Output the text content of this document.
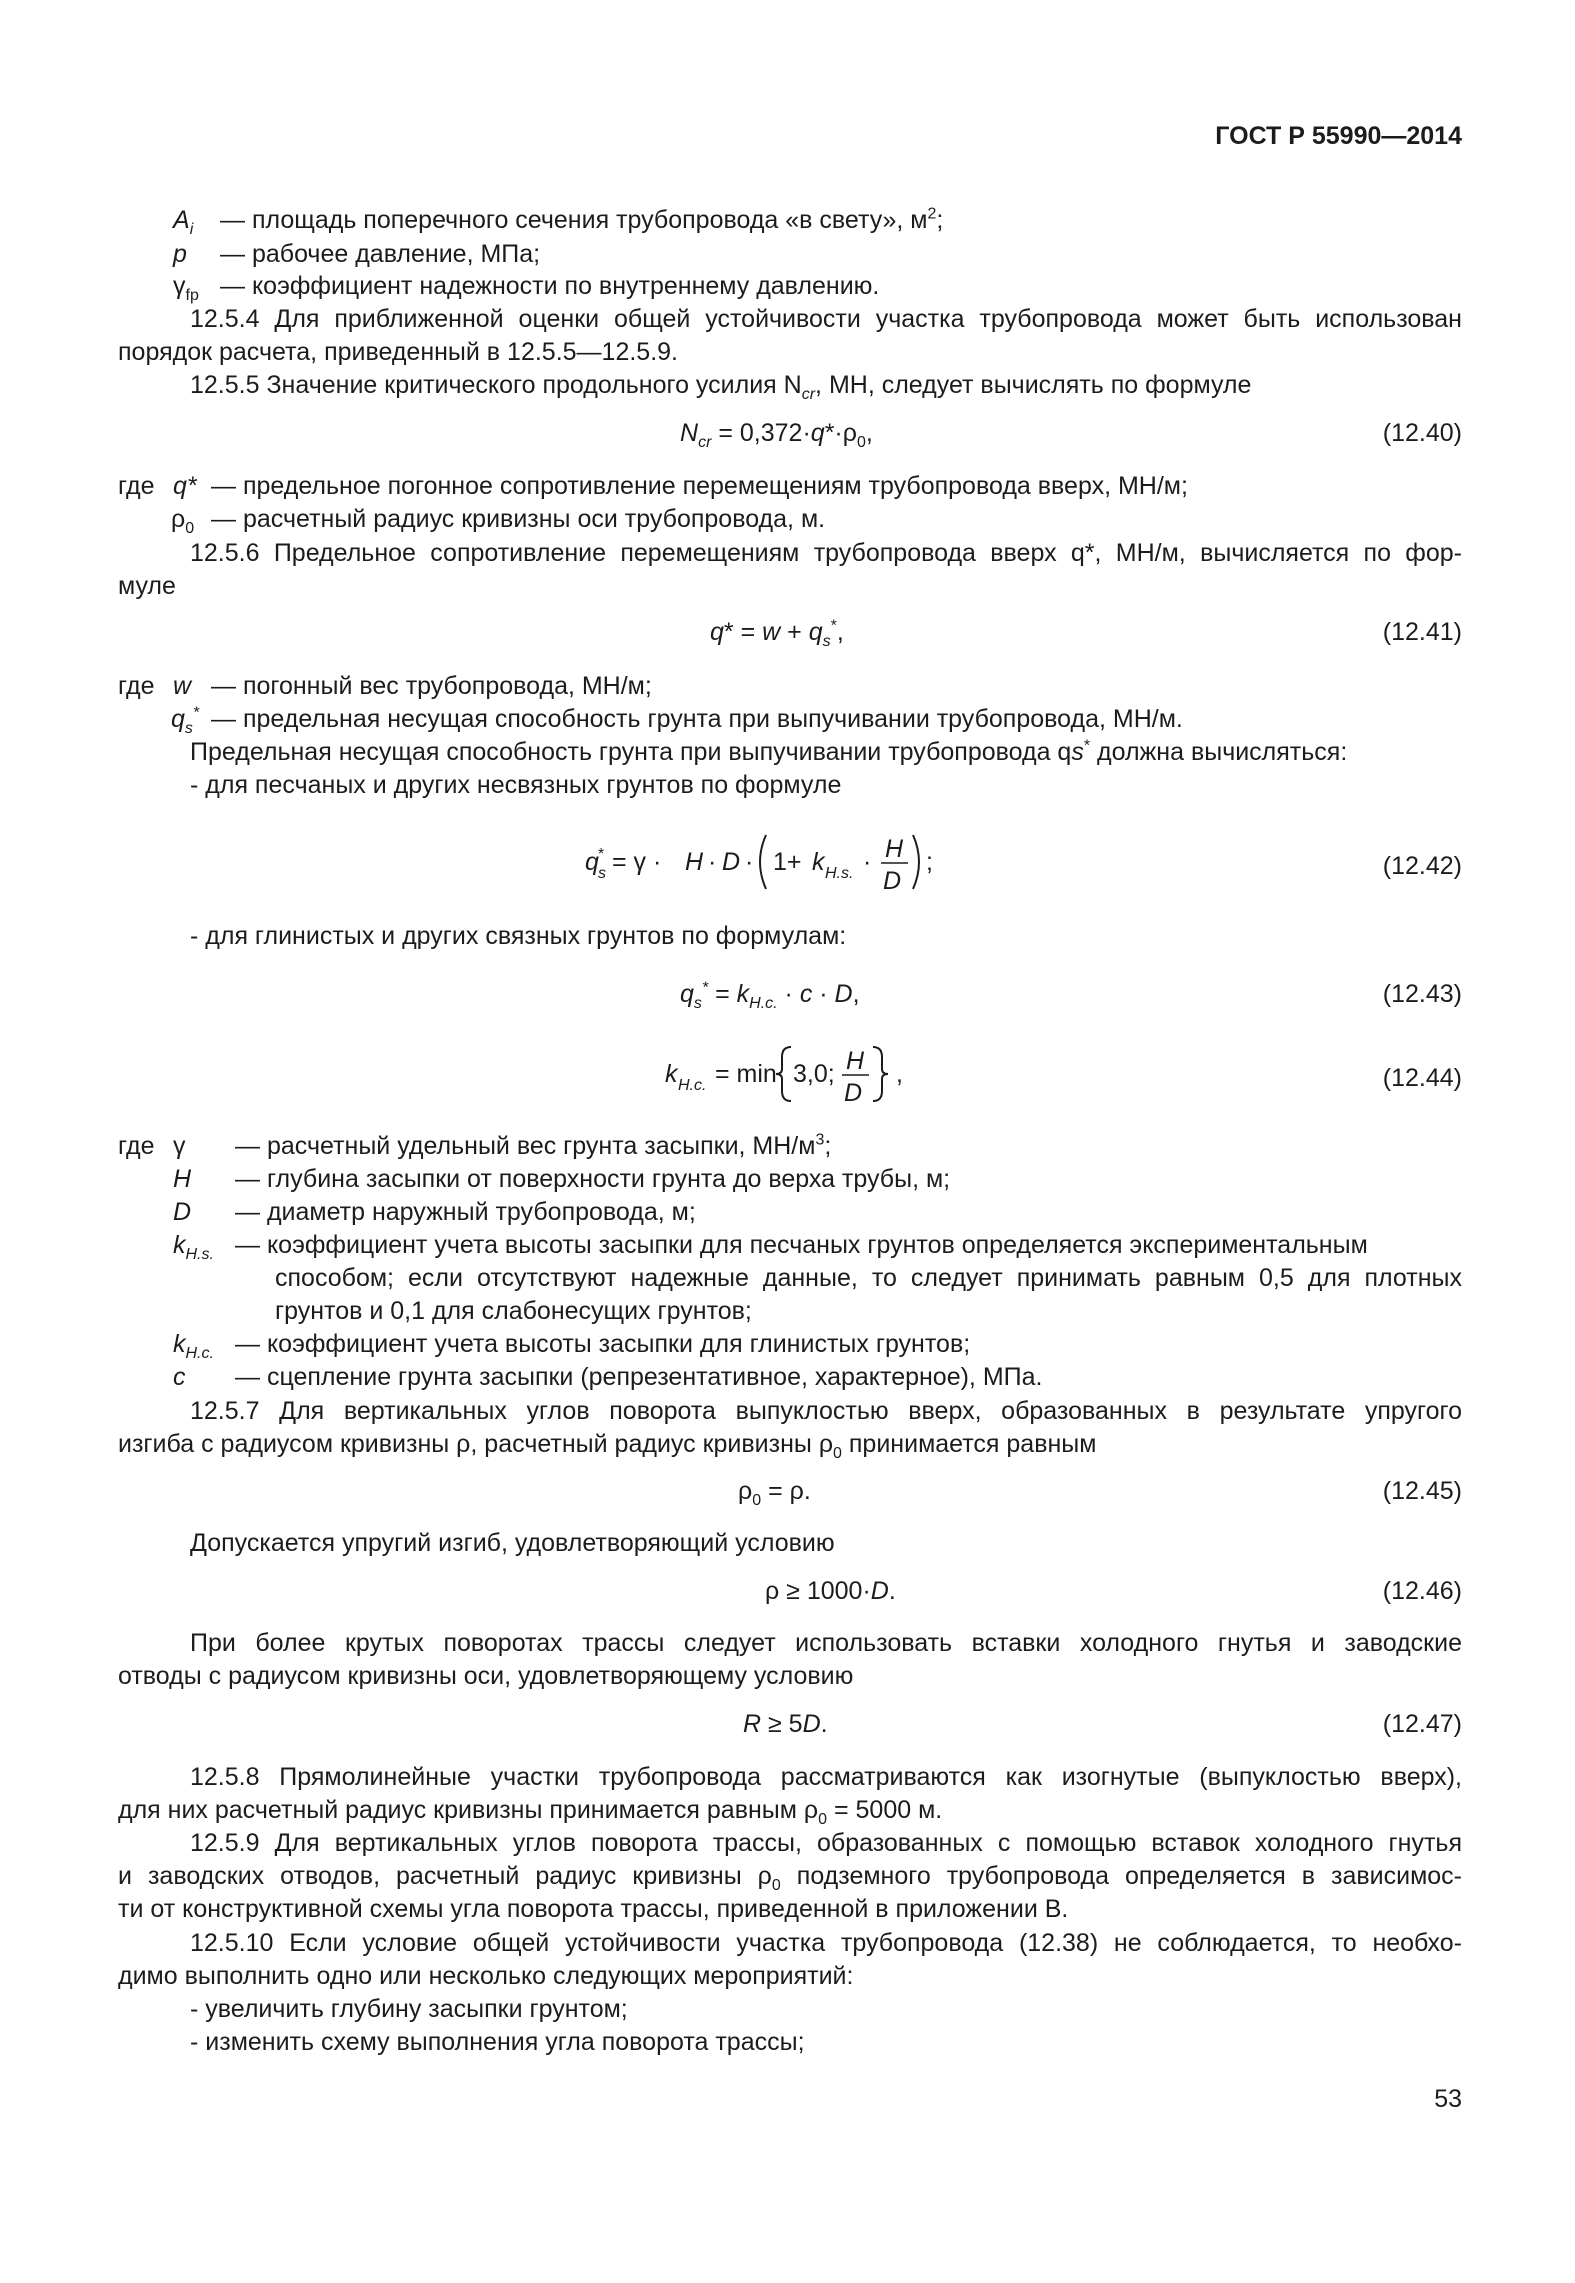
ГОСТ Р 55990—2014
$A_i$ — площадь поперечного сечения трубопровода «в свету», $м^2$;
p — рабочее давление, МПа;
$\gamma_{fp}$ — коэффициент надежности по внутреннему давлению.
12.5.4 Для приближенной оценки общей устойчивости участка трубопровода может быть использован
порядок расчета, приведенный в 12.5.5—12.5.9.
12.5.5 Значение критического продольного усилия $N_{cr}$, МН, следует вычислять по формуле
$N_{cr} = 0,372\cdot q*\cdot\rho_0$,	(12.40)
где q* — предельное погонное сопротивление перемещениям трубопровода вверх, МН/м;
$\rho_0$ — расчетный радиус кривизны оси трубопровода, м.
12.5.6 Предельное сопротивление перемещениям трубопровода вверх q*, МН/м, вычисляется по фор-
муле
$q* = w + q_s^*$,	(12.41)
где w — погонный вес трубопровода, МН/м;
$q_s^*$ — предельная несущая способность грунта при выпучивании трубопровода, МН/м.
Предельная несущая способность грунта при выпучивании трубопровода qs* должна вычисляться:
- для песчаных и других несвязных грунтов по формуле
q s
* = γ · H · D · 1+ k H.s. · H
D
;	(12.42)
- для глинистых и других связных грунтов по формулам:
$q_s^* = k_{H.c.} \cdot c \cdot D$,	(12.43)
k H.c. = min 3,0; H
D
,	(12.44)
где γ — расчетный удельный вес грунта засыпки, $МН/м^3$;
H — глубина засыпки от поверхности грунта до верха трубы, м;
D — диаметр наружный трубопровода, м;
$k_{H.s.}$ — коэффициент учета высоты засыпки для песчаных грунтов определяется экспериментальным
способом; если отсутствуют надежные данные, то следует принимать равным 0,5 для плотных
грунтов и 0,1 для слабонесущих грунтов;
$k_{H.c.}$ — коэффициент учета высоты засыпки для глинистых грунтов;
c — сцепление грунта засыпки (репрезентативное, характерное), МПа.
12.5.7 Для вертикальных углов поворота выпуклостью вверх, образованных в результате упругого
изгиба с радиусом кривизны ρ, расчетный радиус кривизны $\rho_0$ принимается равным
$\rho_0 = \rho$.	(12.45)
Допускается упругий изгиб, удовлетворяющий условию
ρ ≥ 1000·D.	(12.46)
При более крутых поворотах трассы следует использовать вставки холодного гнутья и заводские
отводы с радиусом кривизны оси, удовлетворяющему условию
R ≥ 5D.	(12.47)
12.5.8 Прямолинейные участки трубопровода рассматриваются как изогнутые (выпуклостью вверх),
для них расчетный радиус кривизны принимается равным $\rho_0 = 5000$ м.
12.5.9 Для вертикальных углов поворота трассы, образованных с помощью вставок холодного гнутья
и заводских отводов, расчетный радиус кривизны $\rho_0$ подземного трубопровода определяется в зависимос-
ти от конструктивной схемы угла поворота трассы, приведенной в приложении В.
12.5.10 Если условие общей устойчивости участка трубопровода (12.38) не соблюдается, то необхо-
димо выполнить одно или несколько следующих мероприятий:
- увеличить глубину засыпки грунтом;
- изменить схему выполнения угла поворота трассы;
53
